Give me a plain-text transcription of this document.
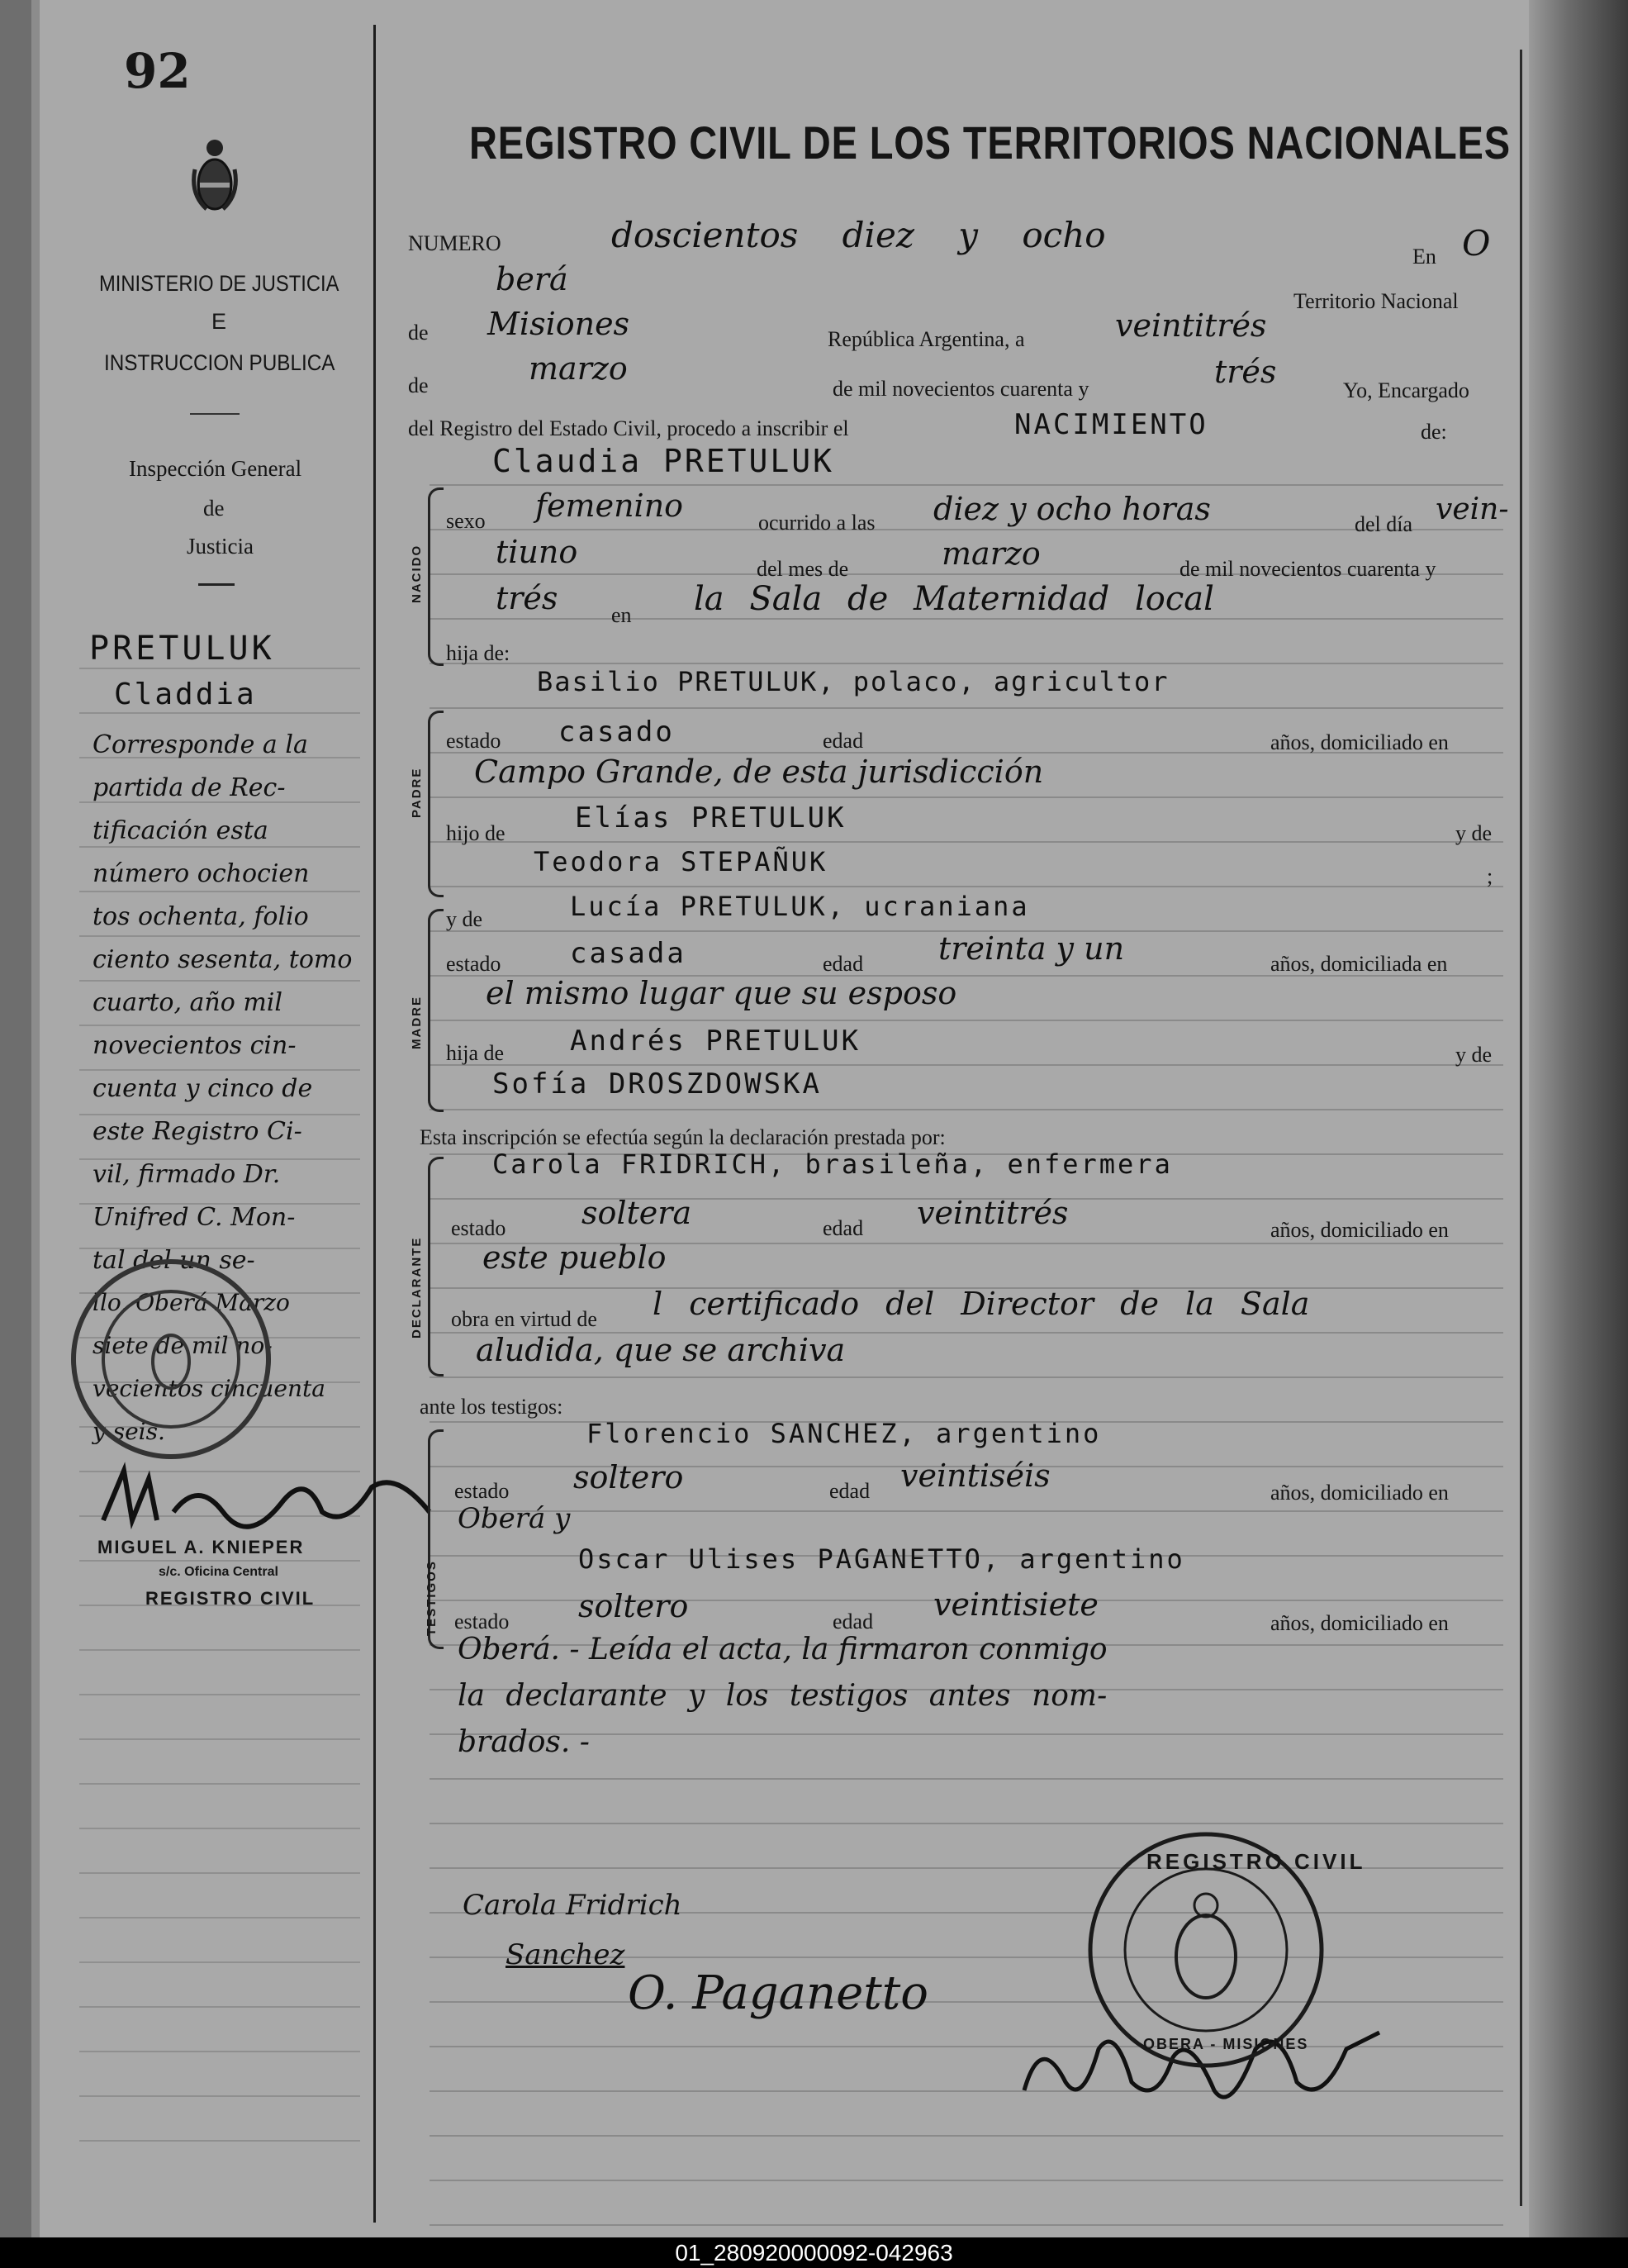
92
MINISTERIO DE JUSTICIA
E
INSTRUCCION PUBLICA
Inspección General
de
Justicia
PRETULUK
Claddia
Corresponde a la
partida de Rec-
tificación esta
número ochocien
tos ochenta, folio
ciento sesenta, tomo
cuarto, año mil
novecientos cin-
cuenta y cinco de
este Registro Ci-
vil, firmado Dr.
Unifred C. Mon-
tal del un se-
llo. Oberá Marzo
siete de mil no-
vecientos cincuenta
y seis.
MIGUEL A. KNIEPER
s/c. Oficina Central
REGISTRO CIVIL
REGISTRO CIVIL DE LOS TERRITORIOS NACIONALES
NACIDO
PADRE
MADRE
DECLARANTE
TESTIGOS
NUMERO	doscientos diez y ocho
En O
berá
Territorio Nacional
de Misiones	República Argentina, a	veintitrés
de	marzo
de mil novecientos cuarenta y	trés
Yo, Encargado
del Registro del Estado Civil, procedo a inscribir el	NACIMIENTO	de:
Claudia PRETULUK
sexo femenino	ocurrido a las diez y ocho horas	del día vein-
tiuno	del mes de	marzo	de mil novecientos cuarenta y
trés en la Sala de Maternidad local
hija de:
Basilio PRETULUK, polaco, agricultor
estado casado	edad	años, domiciliado en
Campo Grande, de esta jurisdicción
hijo de Elías PRETULUK	y de
Teodora STEPAÑUK	;
y de	Lucía PRETULUK, ucraniana
estado casada	edad treinta y un	años, domiciliada en
el mismo lugar que su esposo
hija de Andrés PRETULUK	y de
Sofía DROSZDOWSKA
Esta inscripción se efectúa según la declaración prestada por:
Carola FRIDRICH, brasileña, enfermera
estado soltera	edad veintitrés	años, domiciliado en
este pueblo
obra en virtud de l certificado del Director de la Sala
aludida, que se archiva
ante los testigos:
Florencio SANCHEZ, argentino
estado soltero	edad veintiséis	años, domiciliado en
Oberá y
Oscar Ulises PAGANETTO, argentino
estado soltero	edad veintisiete
años, domiciliado en
Oberá. - Leída el acta, la firmaron conmigo
la declarante y los testigos antes nom-
brados. -
Carola Fridrich
Sanchez
O. Paganetto
REGISTRO CIVIL
OBERA - MISIONES
01_280920000092-042963
